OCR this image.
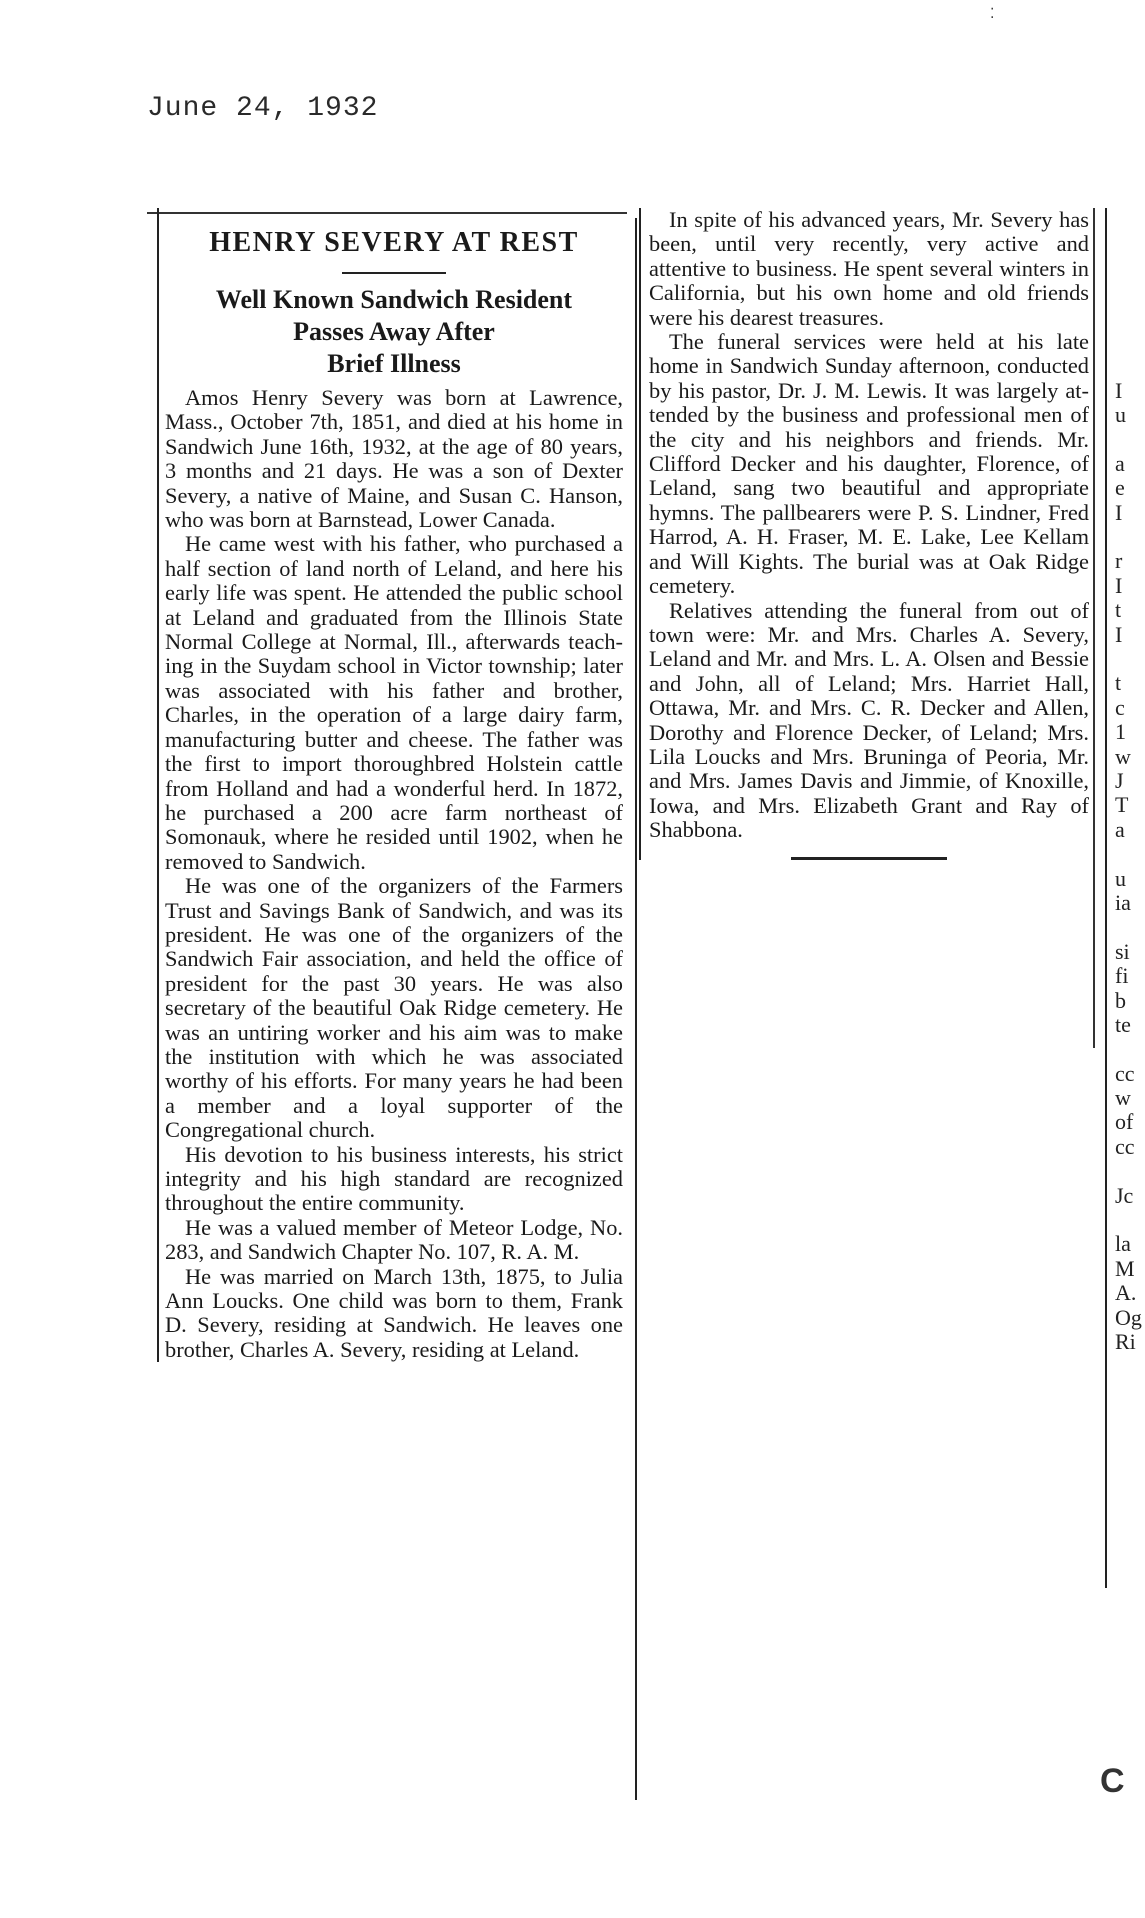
June 24, 1932
⁚
HENRY SEVERY AT REST
Well Known Sandwich Resident
Passes Away After
Brief Illness

Amos Henry Severy was born at Lawrence, Mass., October 7th, 1851, and died at his home in Sandwich June 16th, 1932, at the age of 80 years, 3 months and 21 days. He was a son of Dexter Severy, a native of Maine, and Susan C. Hanson, who was born at Barnstead, Lower Canada.

He came west with his father, who purchased a half section of land north of Leland, and here his early life was spent. He attended the public school at Leland and graduated from the Illinois State Normal College at Normal, Ill., afterwards teaching in the Suydam school in Victor township; later was associated with his father and brother, Charles, in the operation of a large dairy farm, manufacturing butter and cheese. The father was the first to import thoroughbred Holstein cattle from Holland and had a wonderful herd. In 1872, he purchased a 200 acre farm northeast of Somonauk, where he resided until 1902, when he removed to Sandwich.

He was one of the organizers of the Farmers Trust and Savings Bank of Sandwich, and was its president. He was one of the organizers of the Sandwich Fair association, and held the office of president for the past 30 years. He was also secretary of the beautiful Oak Ridge cemetery. He was an untiring worker and his aim was to make the institution with which he was associated worthy of his efforts. For many years he had been a member and a loyal supporter of the Congregational church.

His devotion to his business interests, his strict integrity and his high standard are recognized throughout the entire community.

He was a valued member of Meteor Lodge, No. 283, and Sandwich Chapter No. 107, R. A. M.

He was married on March 13th, 1875, to Julia Ann Loucks. One child was born to them, Frank D. Severy, residing at Sandwich. He leaves one brother, Charles A. Severy, residing at Leland.

In spite of his advanced years, Mr. Severy has been, until very recently, very active and attentive to business. He spent several winters in California, but his own home and old friends were his dearest treasures.

The funeral services were held at his late home in Sandwich Sunday afternoon, conducted by his pastor, Dr. J. M. Lewis. It was largely attended by the business and professional men of the city and his neighbors and friends. Mr. Clifford Decker and his daughter, Florence, of Leland, sang two beautiful and appropriate hymns. The pallbearers were P. S. Lindner, Fred Harrod, A. H. Fraser, M. E. Lake, Lee Kellam and Will Kights. The burial was at Oak Ridge cemetery.

Relatives attending the funeral from out of town were: Mr. and Mrs. Charles A. Severy, Leland and Mr. and Mrs. L. A. Olsen and Bessie and John, all of Leland; Mrs. Harriet Hall, Ottawa, Mr. and Mrs. C. R. Decker and Allen, Dorothy and Florence Decker, of Leland; Mrs. Lila Loucks and Mrs. Bruninga of Peoria, Mr. and Mrs. James Davis and Jimmie, of Knoxille, Iowa, and Mrs. Elizabeth Grant and Ray of Shabbona.

I
u
a
e
I
r
I
t
I
t
c
1
w
J
T
a
u
ia
si
fi
b
te
cc
w
of
cc
Jc
la
M
A.
Og
Ri
C
